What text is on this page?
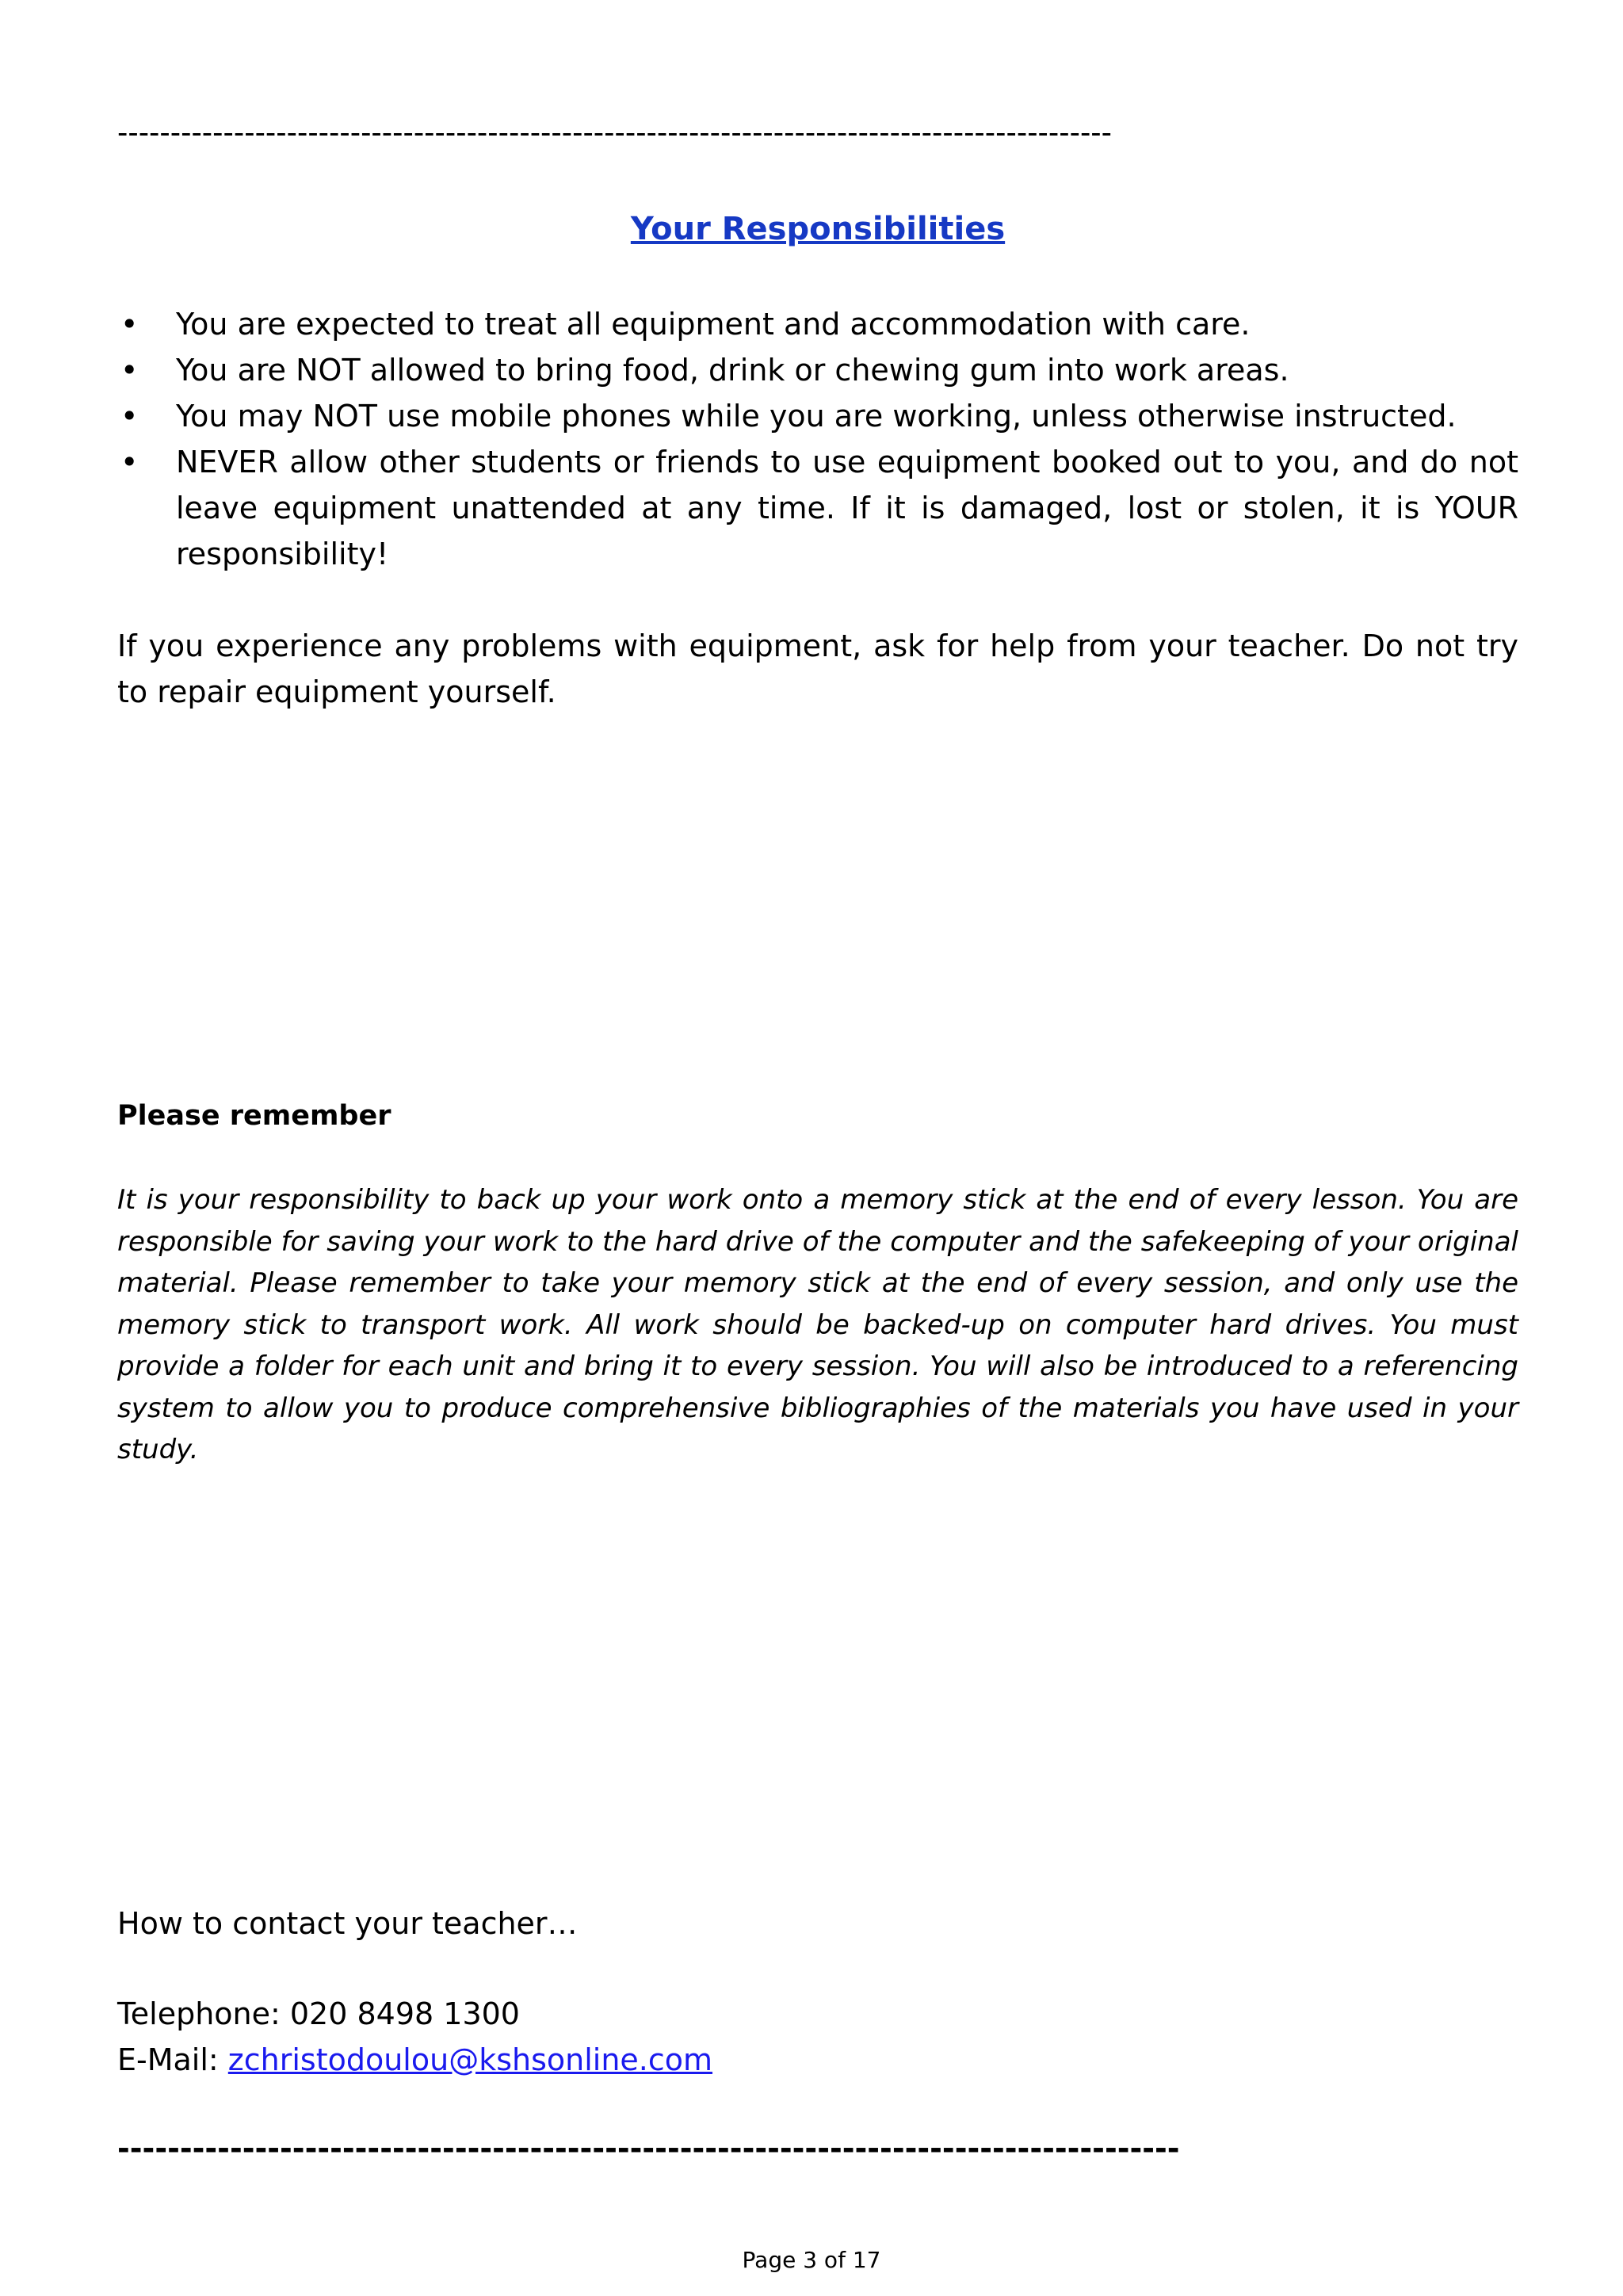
----------------------------------------------------------------------------------------------
Your Responsibilities
• You are expected to treat all equipment and accommodation with care.
• You are NOT allowed to bring food, drink or chewing gum into work areas.
• You may NOT use mobile phones while you are working, unless otherwise instructed.
• NEVER allow other students or friends to use equipment booked out to you, and do not leave equipment unattended at any time. If it is damaged, lost or stolen, it is YOUR responsibility!

If you experience any problems with equipment, ask for help from your teacher. Do not try to repair equipment yourself.

Please remember

It is your responsibility to back up your work onto a memory stick at the end of every lesson. You are responsible for saving your work to the hard drive of the computer and the safekeeping of your original material. Please remember to take your memory stick at the end of every session, and only use the memory stick to transport work. All work should be backed-up on computer hard drives. You must provide a folder for each unit and bring it to every session. You will also be introduced to a referencing system to allow you to produce comprehensive bibliographies of the materials you have used in your study.

How to contact your teacher…
Telephone: 020 8498 1300
E-Mail: zchristodoulou@kshsonline.com
-------------------------------------------------------------------------------------
Page 3 of 17
